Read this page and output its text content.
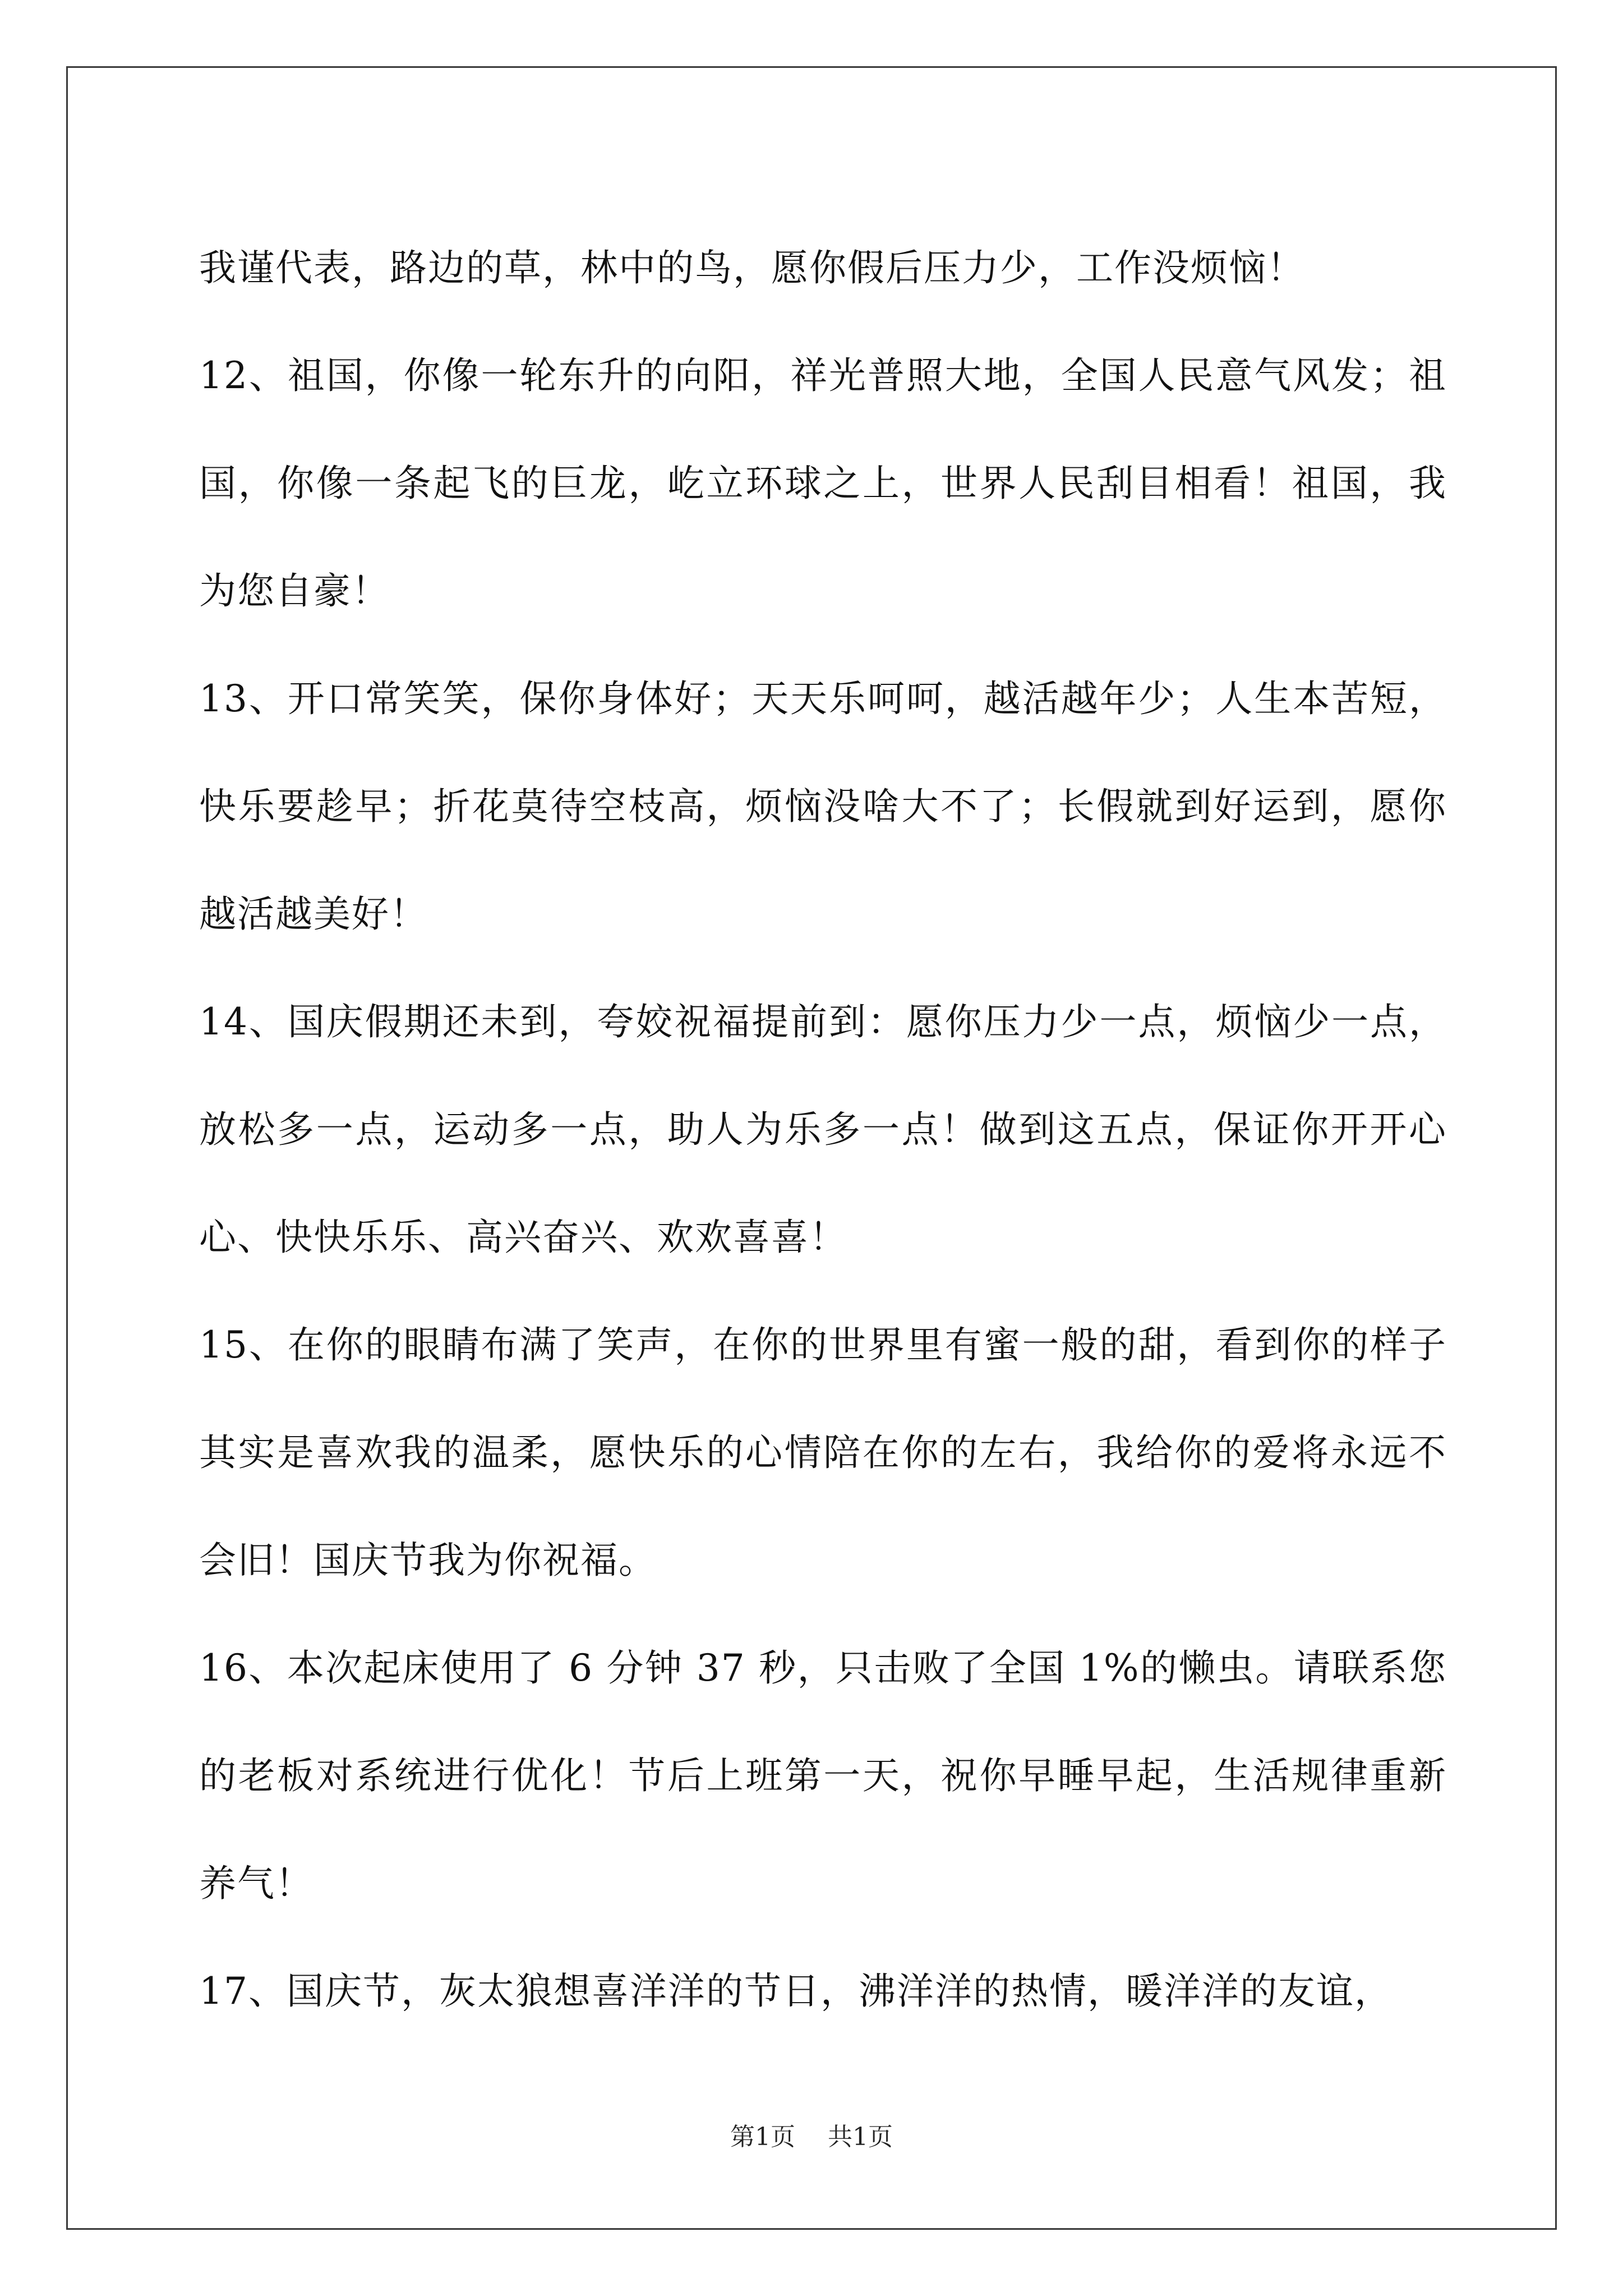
我谨代表，路边的草，林中的鸟，愿你假后压力少，工作没烦恼！

12、祖国，你像一轮东升的向阳，祥光普照大地，全国人民意气风发；祖国，你像一条起飞的巨龙，屹立环球之上，世界人民刮目相看！祖国，我为您自豪！

13、开口常笑笑，保你身体好；天天乐呵呵，越活越年少；人生本苦短，快乐要趁早；折花莫待空枝高，烦恼没啥大不了；长假就到好运到，愿你越活越美好！

14、国庆假期还未到，夸姣祝福提前到：愿你压力少一点，烦恼少一点，放松多一点，运动多一点，助人为乐多一点！做到这五点，保证你开开心心、快快乐乐、高兴奋兴、欢欢喜喜！

15、在你的眼睛布满了笑声，在你的世界里有蜜一般的甜，看到你的样子其实是喜欢我的温柔，愿快乐的心情陪在你的左右，我给你的爱将永远不会旧！国庆节我为你祝福。

16、本次起床使用了 6 分钟 37 秒，只击败了全国 1%的懒虫。请联系您的老板对系统进行优化！节后上班第一天，祝你早睡早起，生活规律重新养气！

17、国庆节，灰太狼想喜洋洋的节日，沸洋洋的热情，暖洋洋的友谊，

第1页 共1页
